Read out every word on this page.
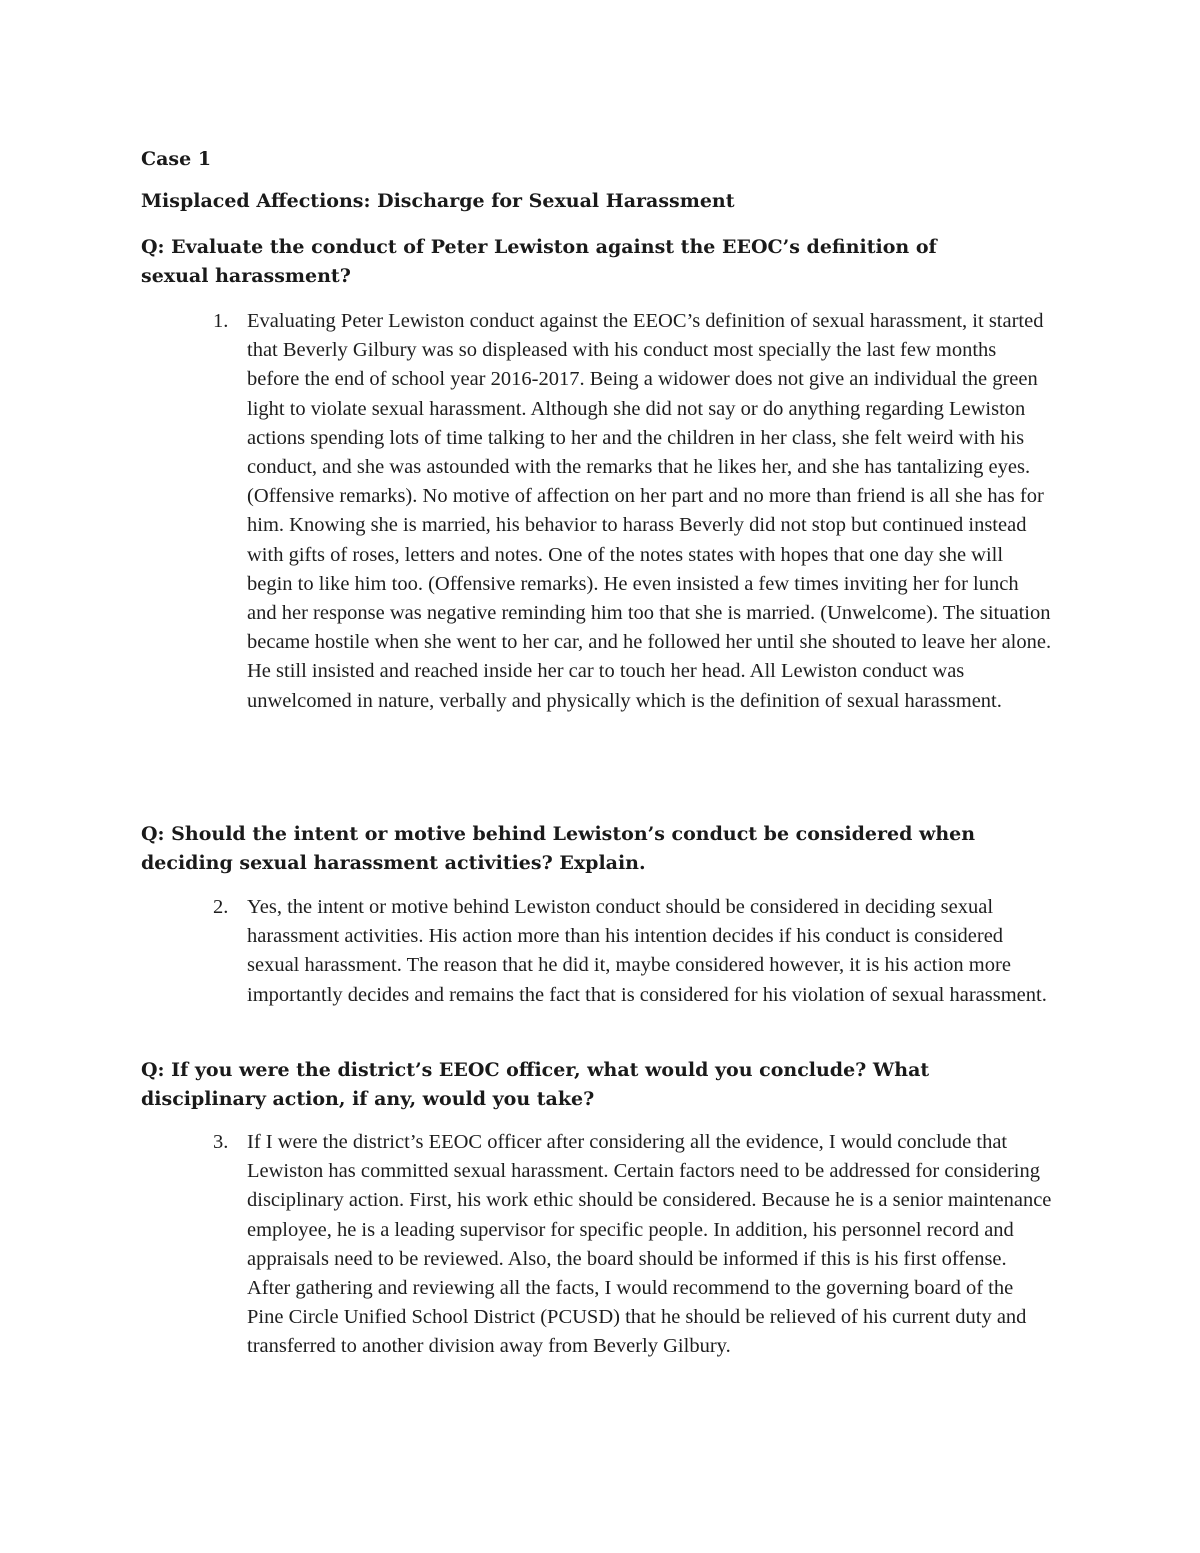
Case 1

Misplaced Affections: Discharge for Sexual Harassment

Q: Evaluate the conduct of Peter Lewiston against the EEOC’s definition of sexual harassment?

1. Evaluating Peter Lewiston conduct against the EEOC’s definition of sexual harassment, it started that Beverly Gilbury was so displeased with his conduct most specially the last few months before the end of school year 2016-2017. Being a widower does not give an individual the green light to violate sexual harassment. Although she did not say or do anything regarding Lewiston actions spending lots of time talking to her and the children in her class, she felt weird with his conduct, and she was astounded with the remarks that he likes her, and she has tantalizing eyes. (Offensive remarks). No motive of affection on her part and no more than friend is all she has for him. Knowing she is married, his behavior to harass Beverly did not stop but continued instead with gifts of roses, letters and notes. One of the notes states with hopes that one day she will begin to like him too. (Offensive remarks). He even insisted a few times inviting her for lunch and her response was negative reminding him too that she is married. (Unwelcome). The situation became hostile when she went to her car, and he followed her until she shouted to leave her alone. He still insisted and reached inside her car to touch her head. All Lewiston conduct was unwelcomed in nature, verbally and physically which is the definition of sexual harassment.

Q: Should the intent or motive behind Lewiston’s conduct be considered when deciding sexual harassment activities? Explain.

2. Yes, the intent or motive behind Lewiston conduct should be considered in deciding sexual harassment activities. His action more than his intention decides if his conduct is considered sexual harassment. The reason that he did it, maybe considered however, it is his action more importantly decides and remains the fact that is considered for his violation of sexual harassment.

Q: If you were the district’s EEOC officer, what would you conclude? What disciplinary action, if any, would you take?

3. If I were the district’s EEOC officer after considering all the evidence, I would conclude that Lewiston has committed sexual harassment. Certain factors need to be addressed for considering disciplinary action. First, his work ethic should be considered. Because he is a senior maintenance employee, he is a leading supervisor for specific people. In addition, his personnel record and appraisals need to be reviewed. Also, the board should be informed if this is his first offense. After gathering and reviewing all the facts, I would recommend to the governing board of the Pine Circle Unified School District (PCUSD) that he should be relieved of his current duty and transferred to another division away from Beverly Gilbury.
